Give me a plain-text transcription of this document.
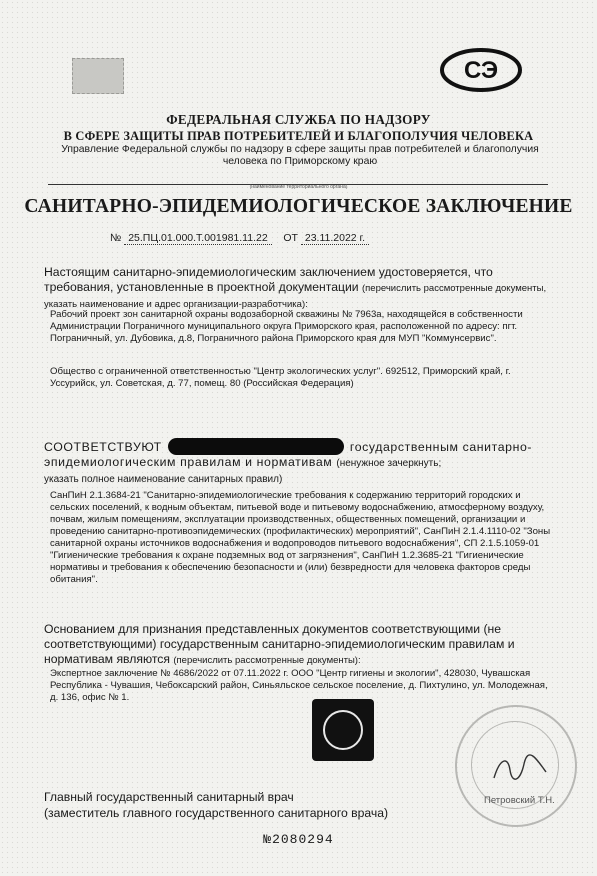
СЭ
ФЕДЕРАЛЬНАЯ СЛУЖБА ПО НАДЗОРУ
В СФЕРЕ ЗАЩИТЫ ПРАВ ПОТРЕБИТЕЛЕЙ И БЛАГОПОЛУЧИЯ ЧЕЛОВЕКА
Управление Федеральной службы по надзору в сфере защиты прав потребителей и благополучия человека по Приморскому краю
(наименование территориального органа)
САНИТАРНО-ЭПИДЕМИОЛОГИЧЕСКОЕ ЗАКЛЮЧЕНИЕ
№ 25.ПЦ.01.000.Т.001981.11.22 ОТ 23.11.2022 г.
Настоящим санитарно-эпидемиологическим заключением удостоверяется, что требования, установленные в проектной документации (перечислить рассмотренные документы, указать наименование и адрес организации-разработчика):
Рабочий проект зон санитарной охраны водозаборной скважины № 7963а, находящейся в собственности Администрации Пограничного муниципального округа Приморского края, расположенной по адресу: пгт. Пограничный, ул. Дубовика, д.8, Пограничного района Приморского края для МУП "Коммунсервис".
Общество с ограниченной ответственностью "Центр экологических услуг". 692512, Приморский край, г. Уссурийск, ул. Советская, д. 77, помещ. 80 (Российская Федерация)
СООТВЕТСТВУЮТ	государственным санитарно-эпидемиологическим правилам и нормативам (ненужное зачеркнуть;
указать полное наименование санитарных правил)
СанПиН 2.1.3684-21 "Санитарно-эпидемиологические требования к содержанию территорий городских и сельских поселений, к водным объектам, питьевой воде и питьевому водоснабжению, атмосферному воздуху, почвам, жилым помещениям, эксплуатации производственных, общественных помещений, организации и проведению санитарно-противоэпидемических (профилактических) мероприятий", СанПиН 2.1.4.1110-02 "Зоны санитарной охраны источников водоснабжения и водопроводов питьевого водоснабжения", СП 2.1.5.1059-01 "Гигиенические требования к охране подземных вод от загрязнения", СанПиН 1.2.3685-21 "Гигиенические нормативы и требования к обеспечению безопасности и (или) безвредности для человека факторов среды обитания".
Основанием для признания представленных документов соответствующими (не соответствующими) государственным санитарно-эпидемиологическим правилам и нормативам являются (перечислить рассмотренные документы):
Экспертное заключение № 4686/2022 от 07.11.2022 г. ООО "Центр гигиены и экологии", 428030, Чувашская Республика - Чувашия, Чебоксарский район, Синьяльское сельское поселение, д. Пихтулино, ул. Молодежная, д. 136, офис № 1.
Петровский Т.Н.
Главный государственный санитарный врач
(заместитель главного государственного санитарного врача)
№2080294
